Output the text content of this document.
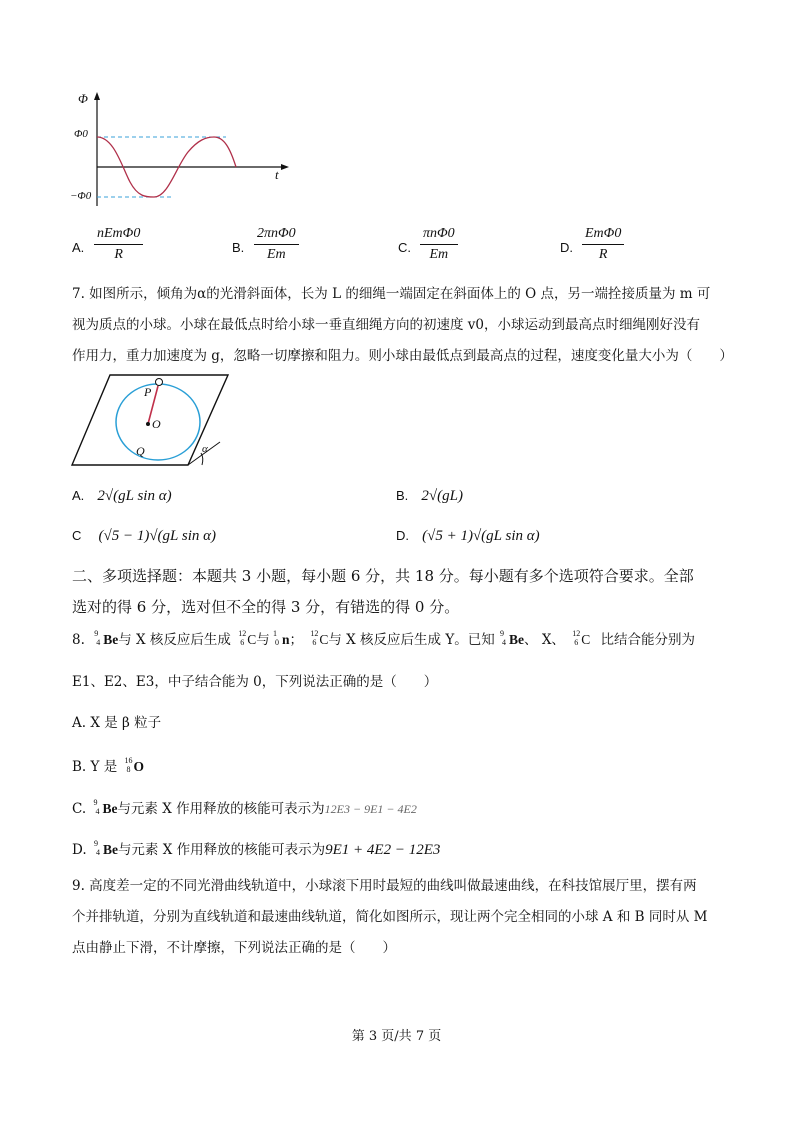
Φ
t
Φ0
−Φ0
A.
nEmΦ0
R	B.
2πnΦ0
Em	C.
πnΦ0
Em	D.
EmΦ0
R
7. 如图所示，倾角为α的光滑斜面体，长为 L 的细绳一端固定在斜面体上的 O 点，另一端拴接质量为 m 可
视为质点的小球。小球在最低点时给小球一垂直细绳方向的初速度 v0，小球运动到最高点时细绳刚好没有
作用力，重力加速度为 g，忽略一切摩擦和阻力。则小球由最低点到最高点的过程，速度变化量大小为（　　）
P
O
Q	α
A. 2√(gL sin α)	B. 2√(gL)
C (√5 − 1)√(gL sin α)	D. (√5 + 1)√(gL sin α)
二、多项选择题：本题共 3 小题，每小题 6 分，共 18 分。每小题有多个选项符合要求。全部
选对的得 6 分，选对但不全的得 3 分，有错选的得 0 分。
8. 9
4 Be与 X 核反应后生成 12
6 C与 1
0 n； 12
6 C与 X 核反应后生成 Y。已知 9
4 Be、 X、 12
6 C 比结合能分别为
E1、E2、E3，中子结合能为 0，下列说法正确的是（　　）
A. X 是 β 粒子
B. Y 是 16
8 O
C. 9
4 Be与元素 X 作用释放的核能可表示为12E3 − 9E1 − 4E2
D. 9
4 Be与元素 X 作用释放的核能可表示为9E1 + 4E2 − 12E3
9. 高度差一定的不同光滑曲线轨道中，小球滚下用时最短的曲线叫做最速曲线，在科技馆展厅里，摆有两
个并排轨道，分别为直线轨道和最速曲线轨道，简化如图所示，现让两个完全相同的小球 A 和 B 同时从 M
点由静止下滑，不计摩擦，下列说法正确的是（　　）
第 3 页/共 7 页
